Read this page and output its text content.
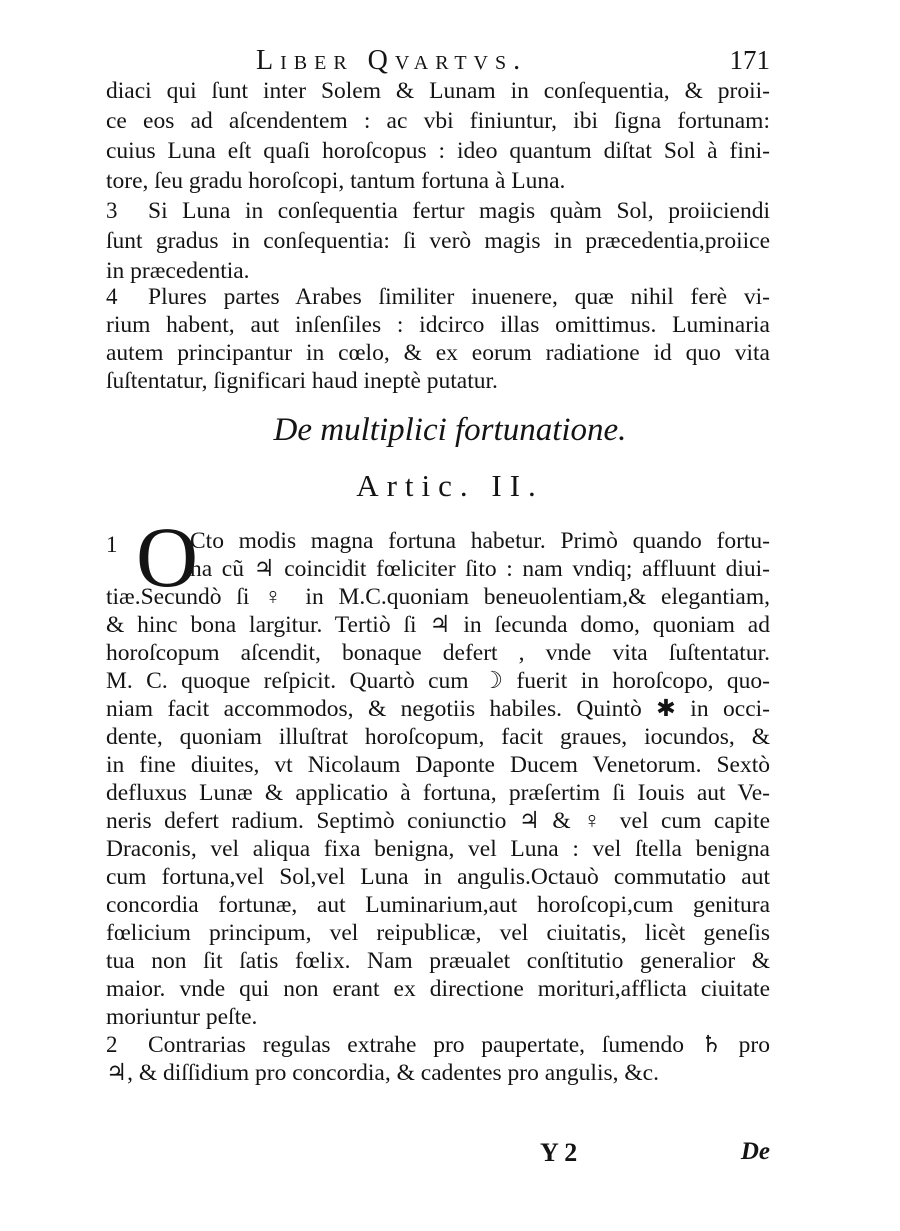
Liber Qvartvs.	171
diaci qui ſunt inter Solem & Lunam in conſequentia, & proii-
ce eos ad aſcendentem : ac vbi finiuntur, ibi ſigna fortunam:
cuius Luna eſt quaſi horoſcopus : ideo quantum diſtat Sol à fini-
tore, ſeu gradu horoſcopi, tantum fortuna à Luna.
3 Si Luna in conſequentia fertur magis quàm Sol, proiiciendi
ſunt gradus in conſequentia: ſi verò magis in præcedentia,proiice
in præcedentia.
4 Plures partes Arabes ſimiliter inuenere, quæ nihil ferè vi-
rium habent, aut inſenſiles : idcirco illas omittimus. Luminaria
autem principantur in cœlo, & ex eorum radiatione id quo vita
ſuſtentatur, ſignificari haud ineptè putatur.
De multiplici fortunatione.
Artic. II.
1 O
Cto modis magna fortuna habetur. Primò quando fortu-
na cũ ♃ coincidit fœliciter ſito : nam vndiq; affluunt diui-
tiæ.Secundò ſi ♀ in M.C.quoniam beneuolentiam,& elegantiam,
& hinc bona largitur. Tertiò ſi ♃ in ſecunda domo, quoniam ad
horoſcopum aſcendit, bonaque defert , vnde vita ſuſtentatur.
M. C. quoque reſpicit. Quartò cum ☽ fuerit in horoſcopo, quo-
niam facit accommodos, & negotiis habiles. Quintò ✱ in occi-
dente, quoniam illuſtrat horoſcopum, facit graues, iocundos, &
in fine diuites, vt Nicolaum Daponte Ducem Venetorum. Sextò
defluxus Lunæ & applicatio à fortuna, præſertim ſi Iouis aut Ve-
neris defert radium. Septimò coniunctio ♃ & ♀ vel cum capite
Draconis, vel aliqua fixa benigna, vel Luna : vel ſtella benigna
cum fortuna,vel Sol,vel Luna in angulis.Octauò commutatio aut
concordia fortunæ, aut Luminarium,aut horoſcopi,cum genitura
fœlicium principum, vel reipublicæ, vel ciuitatis, licèt geneſis
tua non ſit ſatis fœlix. Nam præualet conſtitutio generalior &
maior. vnde qui non erant ex directione morituri,afflicta ciuitate
moriuntur peſte.
2 Contrarias regulas extrahe pro paupertate, ſumendo ♄ pro
♃, & diſſidium pro concordia, & cadentes pro angulis, &c.
Y 2	De
